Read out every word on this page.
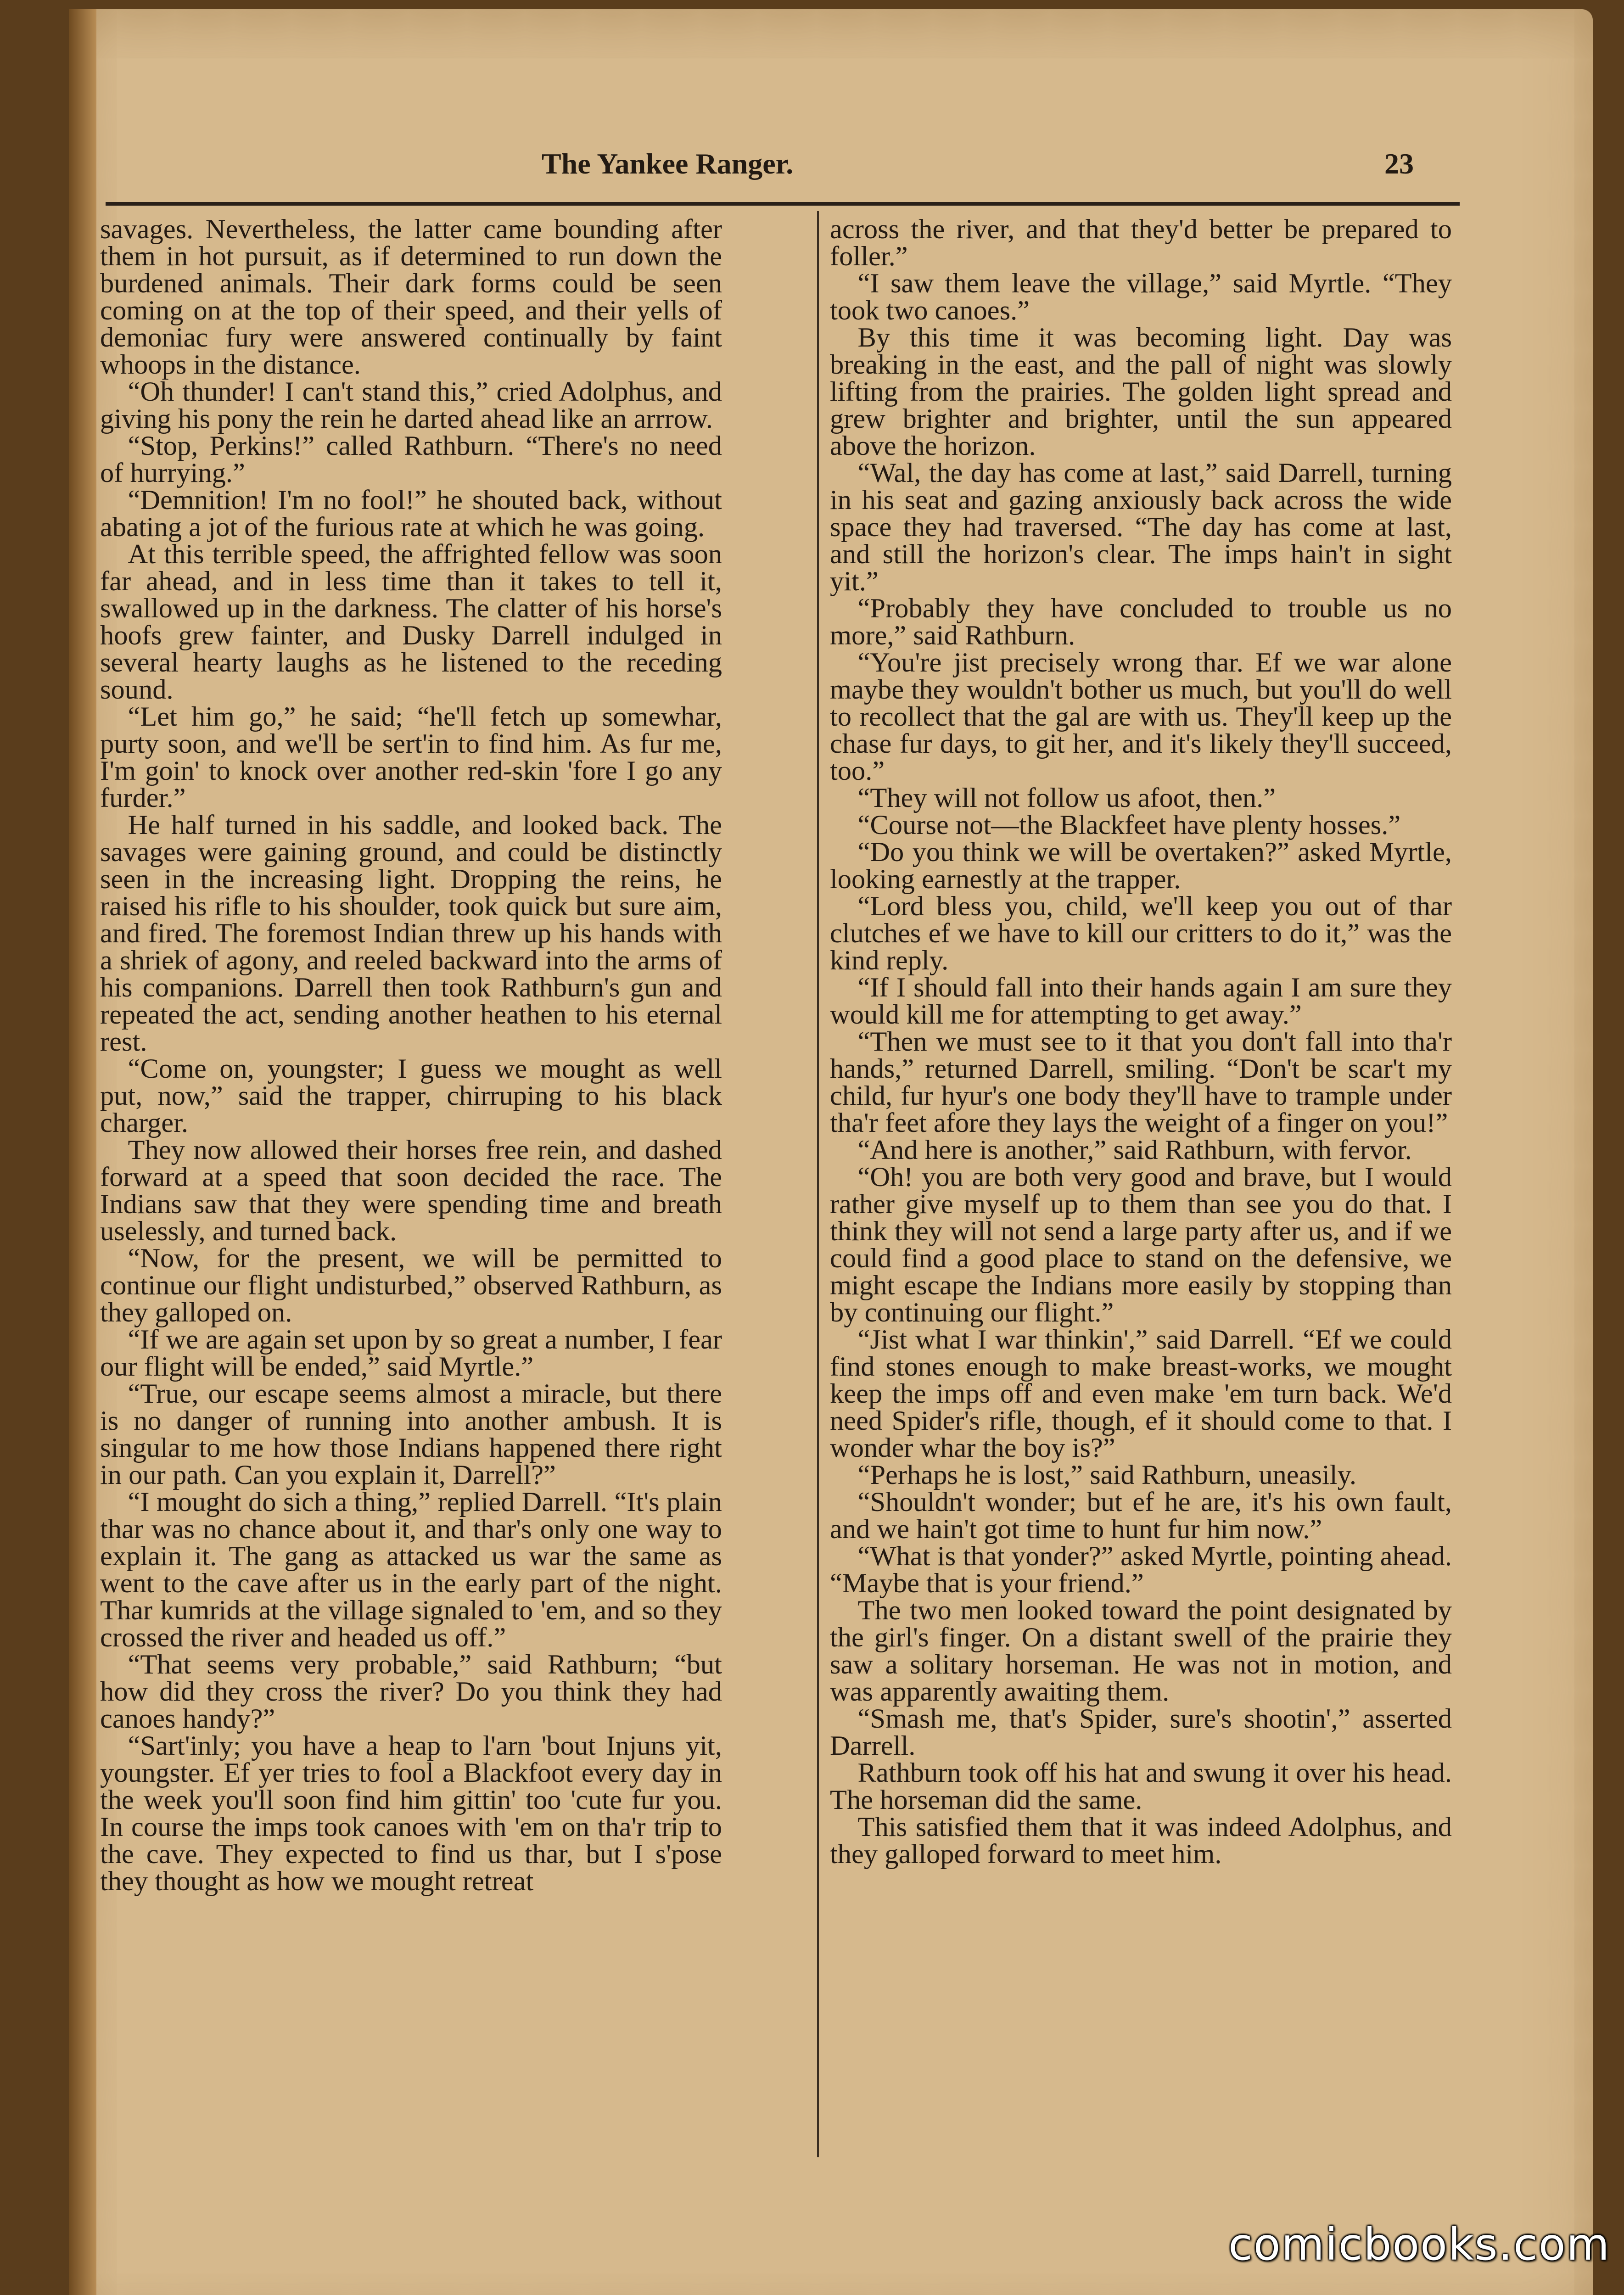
The Yankee Ranger.	23

savages. Nevertheless, the latter came bounding after them in hot pursuit, as if determined to run down the burdened animals. Their dark forms could be seen coming on at the top of their speed, and their yells of demoniac fury were answered continually by faint whoops in the distance.

“Oh thunder! I can't stand this,” cried Adolphus, and giving his pony the rein he darted ahead like an arrrow.

“Stop, Perkins!” called Rathburn. “There's no need of hurrying.”

“Demnition! I'm no fool!” he shouted back, without abating a jot of the furious rate at which he was going.

At this terrible speed, the affrighted fellow was soon far ahead, and in less time than it takes to tell it, swallowed up in the darkness. The clatter of his horse's hoofs grew fainter, and Dusky Darrell indulged in several hearty laughs as he listened to the receding sound.

“Let him go,” he said; “he'll fetch up somewhar, purty soon, and we'll be sert'in to find him. As fur me, I'm goin' to knock over another red-skin 'fore I go any furder.”

He half turned in his saddle, and looked back. The savages were gaining ground, and could be distinctly seen in the increasing light. Dropping the reins, he raised his rifle to his shoulder, took quick but sure aim, and fired. The foremost Indian threw up his hands with a shriek of agony, and reeled backward into the arms of his companions. Darrell then took Rathburn's gun and repeated the act, sending another heathen to his eternal rest.

“Come on, youngster; I guess we mought as well put, now,” said the trapper, chirruping to his black charger.

They now allowed their horses free rein, and dashed forward at a speed that soon decided the race. The Indians saw that they were spending time and breath uselessly, and turned back.

“Now, for the present, we will be permitted to continue our flight undisturbed,” observed Rathburn, as they galloped on.

“If we are again set upon by so great a number, I fear our flight will be ended,” said Myrtle.”

“True, our escape seems almost a miracle, but there is no danger of running into another ambush. It is singular to me how those Indians happened there right in our path. Can you explain it, Darrell?”

“I mought do sich a thing,” replied Darrell. “It's plain thar was no chance about it, and thar's only one way to explain it. The gang as attacked us war the same as went to the cave after us in the early part of the night. Thar kumrids at the village signaled to 'em, and so they crossed the river and headed us off.”

“That seems very probable,” said Rathburn; “but how did they cross the river? Do you think they had canoes handy?”

“Sart'inly; you have a heap to l'arn 'bout Injuns yit, youngster. Ef yer tries to fool a Blackfoot every day in the week you'll soon find him gittin' too 'cute fur you. In course the imps took canoes with 'em on tha'r trip to the cave. They expected to find us thar, but I s'pose they thought as how we mought retreat

across the river, and that they'd better be prepared to foller.”

“I saw them leave the village,” said Myrtle. “They took two canoes.”

By this time it was becoming light. Day was breaking in the east, and the pall of night was slowly lifting from the prairies. The golden light spread and grew brighter and brighter, until the sun appeared above the horizon.

“Wal, the day has come at last,” said Darrell, turning in his seat and gazing anxiously back across the wide space they had traversed. “The day has come at last, and still the horizon's clear. The imps hain't in sight yit.”

“Probably they have concluded to trouble us no more,” said Rathburn.

“You're jist precisely wrong thar. Ef we war alone maybe they wouldn't bother us much, but you'll do well to recollect that the gal are with us. They'll keep up the chase fur days, to git her, and it's likely they'll succeed, too.”

“They will not follow us afoot, then.”

“Course not—the Blackfeet have plenty hosses.”

“Do you think we will be overtaken?” asked Myrtle, looking earnestly at the trapper.

“Lord bless you, child, we'll keep you out of thar clutches ef we have to kill our critters to do it,” was the kind reply.

“If I should fall into their hands again I am sure they would kill me for attempting to get away.”

“Then we must see to it that you don't fall into tha'r hands,” returned Darrell, smiling. “Don't be scar't my child, fur hyur's one body they'll have to trample under tha'r feet afore they lays the weight of a finger on you!”

“And here is another,” said Rathburn, with fervor.

“Oh! you are both very good and brave, but I would rather give myself up to them than see you do that. I think they will not send a large party after us, and if we could find a good place to stand on the defensive, we might escape the Indians more easily by stopping than by continuing our flight.”

“Jist what I war thinkin',” said Darrell. “Ef we could find stones enough to make breast-works, we mought keep the imps off and even make 'em turn back. We'd need Spider's rifle, though, ef it should come to that. I wonder whar the boy is?”

“Perhaps he is lost,” said Rathburn, uneasily.

“Shouldn't wonder; but ef he are, it's his own fault, and we hain't got time to hunt fur him now.”

“What is that yonder?” asked Myrtle, pointing ahead. “Maybe that is your friend.”

The two men looked toward the point designated by the girl's finger. On a distant swell of the prairie they saw a solitary horseman. He was not in motion, and was apparently awaiting them.

“Smash me, that's Spider, sure's shootin',” asserted Darrell.

Rathburn took off his hat and swung it over his head. The horseman did the same.

This satisfied them that it was indeed Adolphus, and they galloped forward to meet him.

comicbooks.com
